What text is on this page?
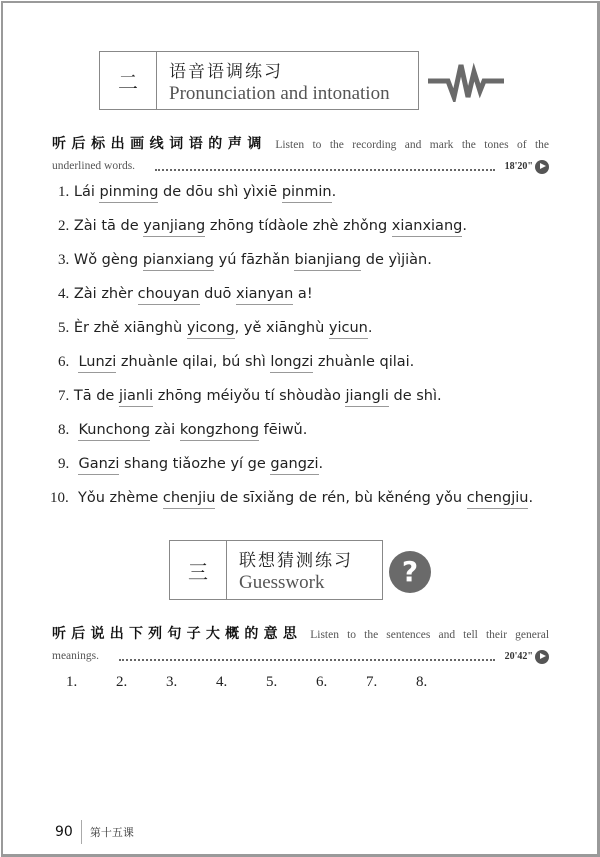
二	语音语调练习
Pronunciation and intonation
听后标出画线词语的声调 Listen to the recording and mark the tones of the
underlined words.	18'20"
1. Lái pinming de dōu shì yìxiē pinmin.
2. Zài tā de yanjiang zhōng tídàole zhè zhǒng xianxiang.
3. Wǒ gèng pianxiang yú fāzhǎn bianjiang de yìjiàn.
4. Zài zhèr chouyan duō xianyan a!
5. Èr zhě xiānghù yicong, yě xiānghù yicun.
6. Lunzi zhuànle qilai, bú shì longzi zhuànle qilai.
7. Tā de jianli zhōng méiyǒu tí shòudào jiangli de shì.
8. Kunchong zài kongzhong fēiwǔ.
9. Ganzi shang tiǎozhe yí ge gangzi.
10.  Yǒu zhème chenjiu de sīxiǎng de rén, bù kěnéng yǒu chengjiu.
三	联想猜测练习
Guesswork	?
听后说出下列句子大概的意思 Listen to the sentences and tell their general
meanings.	20'42"
1.	2.	3.	4.	5.	6.	7.	8.
90 第十五课
